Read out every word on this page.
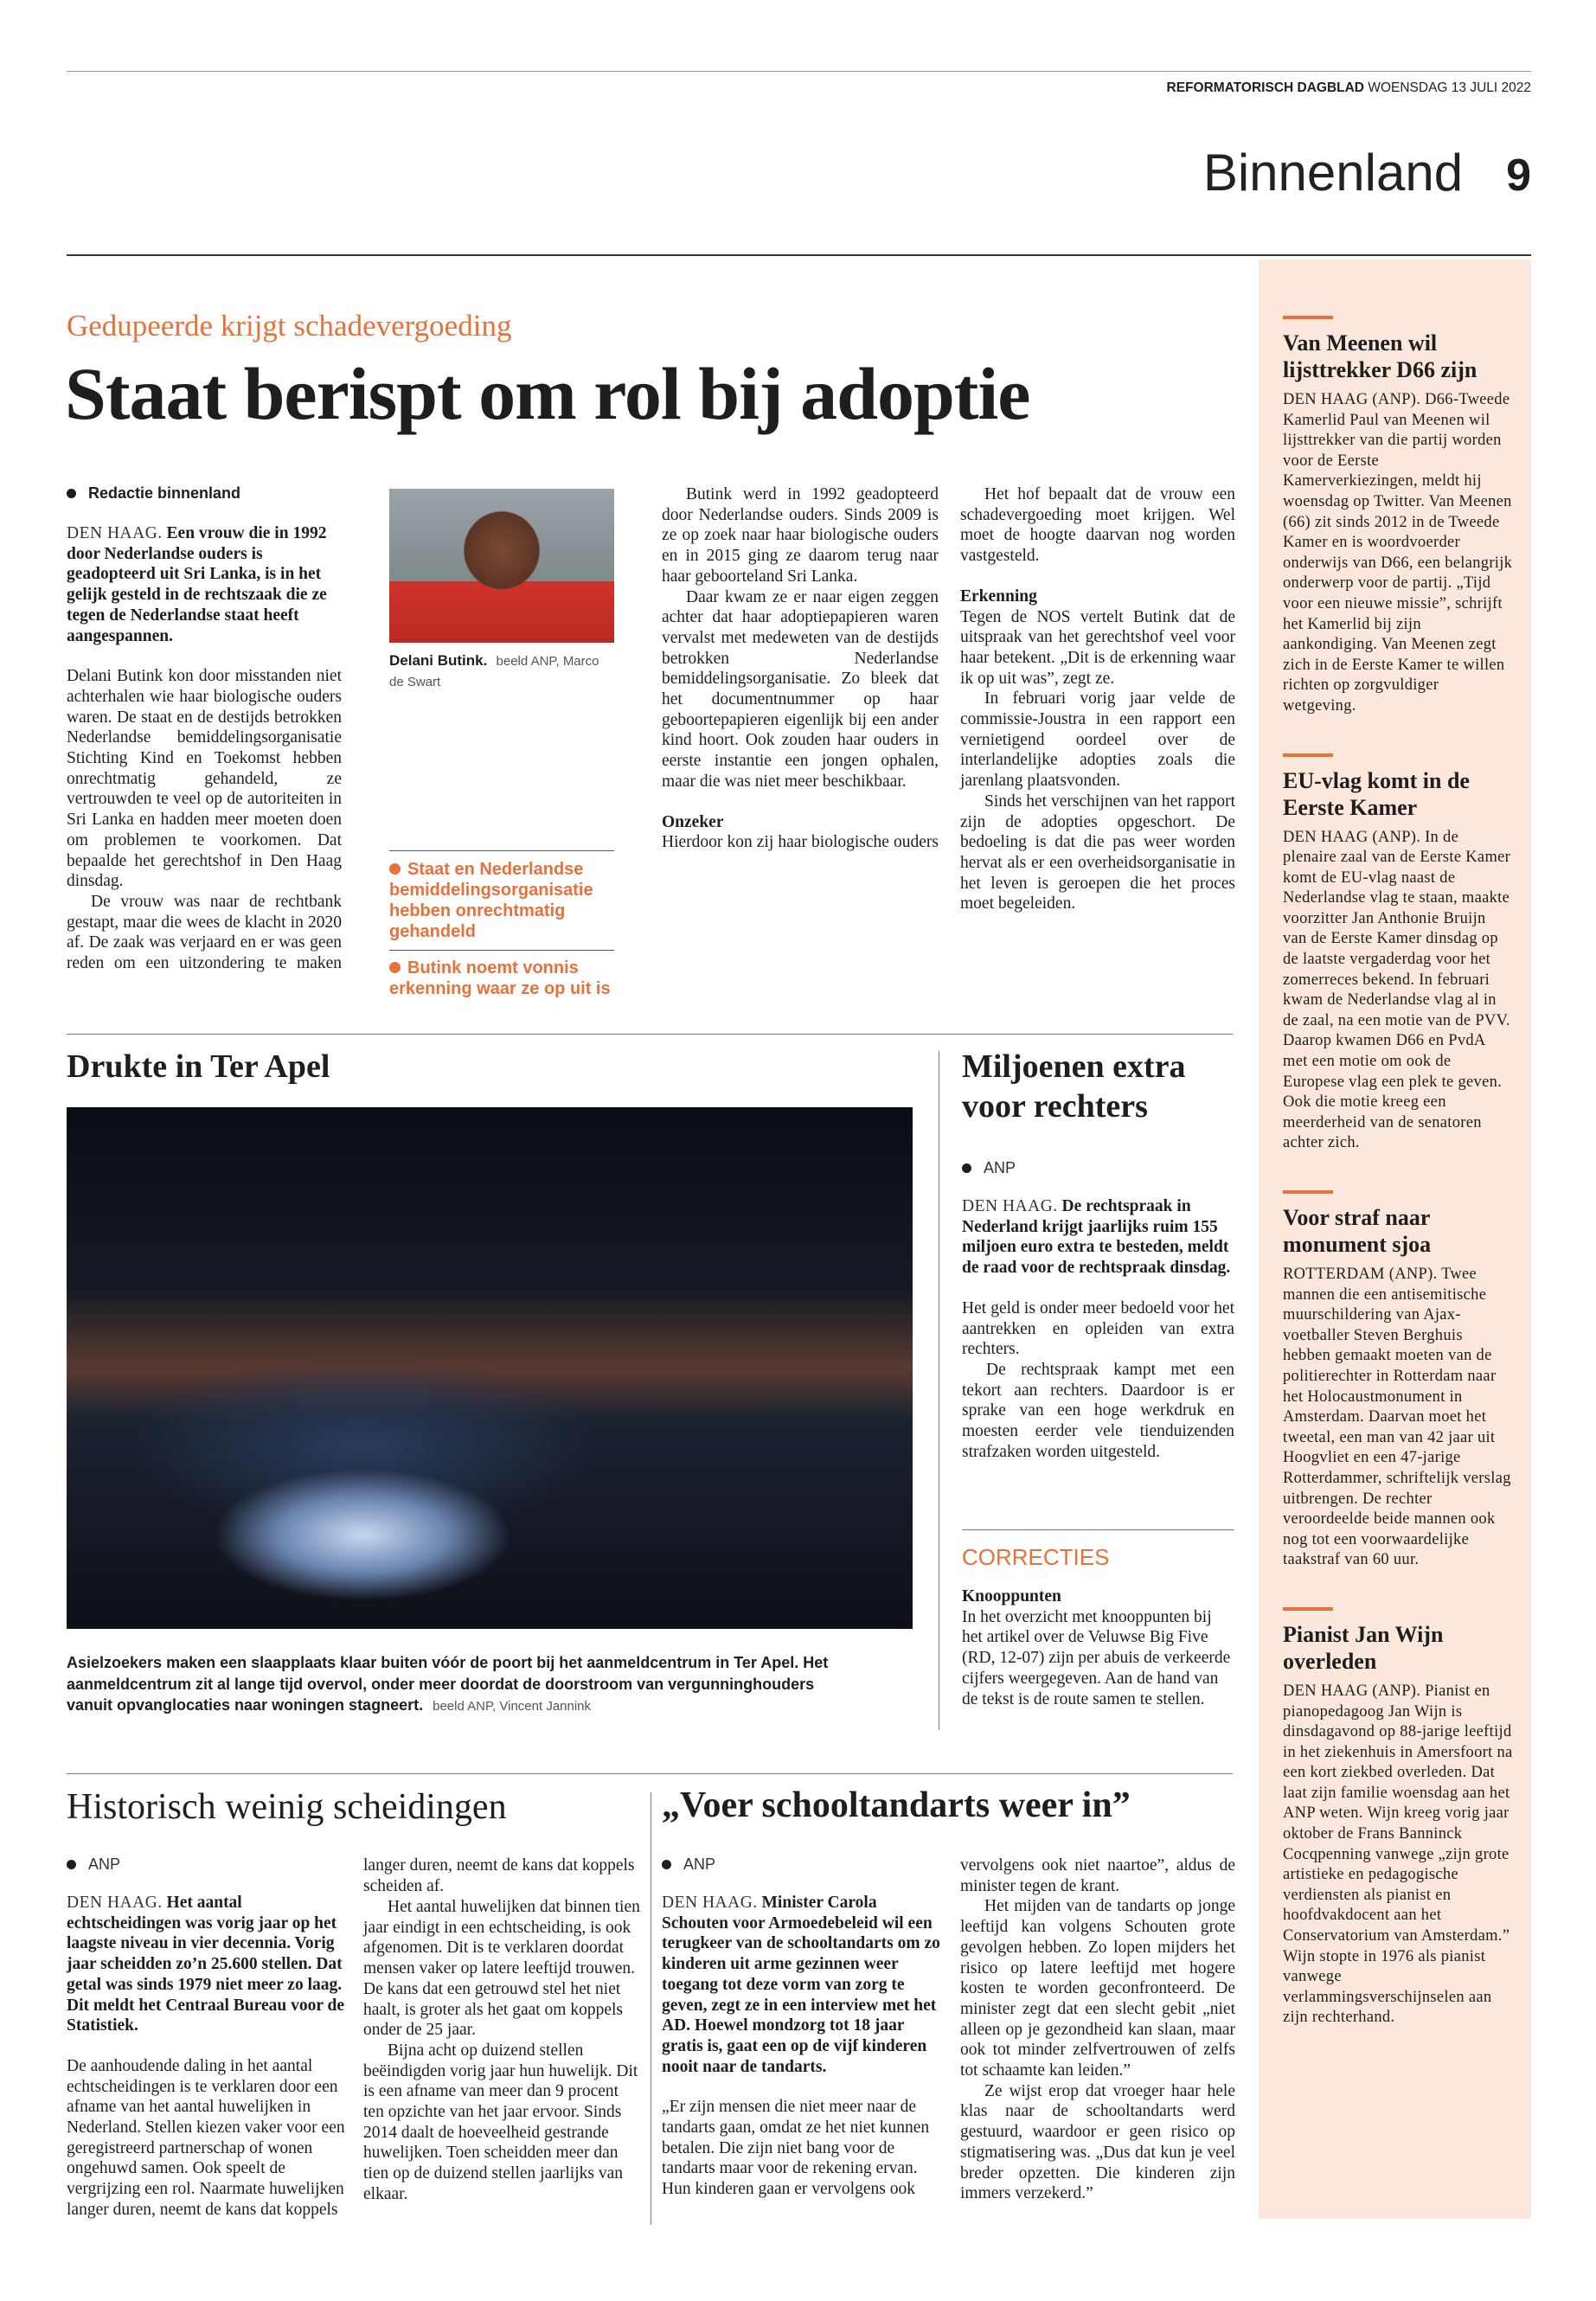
REFORMATORISCH DAGBLAD WOENSDAG 13 JULI 2022
Binnenland 9
Gedupeerde krijgt schadevergoeding
Staat berispt om rol bij adoptie
Redactie binnenland

DEN HAAG. Een vrouw die in 1992 door Nederlandse ouders is geadopteerd uit Sri Lanka, is in het gelijk gesteld in de rechtszaak die ze tegen de Nederlandse staat heeft aangespannen.

Delani Butink kon door misstanden niet achterhalen wie haar biologische ouders waren. De staat en de destijds betrokken Nederlandse bemiddelingsorganisatie Stichting Kind en Toekomst hebben onrechtmatig gehandeld, ze vertrouwden te veel op de autoriteiten in Sri Lanka en hadden meer moeten doen om problemen te voorkomen. Dat bepaalde het gerechtshof in Den Haag dinsdag.

De vrouw was naar de rechtbank gestapt, maar die wees de klacht in 2020 af. De zaak was verjaard en er was geen reden om een uitzondering te maken

Delani Butink. beeld ANP, Marco de Swart
Staat en Nederlandse bemiddelingsorganisatie hebben onrechtmatig gehandeld
Butink noemt vonnis erkenning waar ze op uit is

Butink werd in 1992 geadopteerd door Nederlandse ouders. Sinds 2009 is ze op zoek naar haar biologische ouders en in 2015 ging ze daarom terug naar haar geboorteland Sri Lanka.

Daar kwam ze er naar eigen zeggen achter dat haar adoptiepapieren waren vervalst met medeweten van de destijds betrokken Nederlandse bemiddelingsorganisatie. Zo bleek dat het documentnummer op haar geboortepapieren eigenlijk bij een ander kind hoort. Ook zouden haar ouders in eerste instantie een jongen ophalen, maar die was niet meer beschikbaar.

Onzeker

Hierdoor kon zij haar biologische ouders

Het hof bepaalt dat de vrouw een schadevergoeding moet krijgen. Wel moet de hoogte daarvan nog worden vastgesteld.

Erkenning

Tegen de NOS vertelt Butink dat de uitspraak van het gerechtshof veel voor haar betekent. „Dit is de erkenning waar ik op uit was”, zegt ze.

In februari vorig jaar velde de commissie-Joustra in een rapport een vernietigend oordeel over de interlandelijke adopties zoals die jarenlang plaatsvonden.

Sinds het verschijnen van het rapport zijn de adopties opgeschort. De bedoeling is dat die pas weer worden hervat als er een overheidsorganisatie in het leven is geroepen die het proces moet begeleiden.

Drukte in Ter Apel
Asielzoekers maken een slaapplaats klaar buiten vóór de poort bij het aanmeldcentrum in Ter Apel. Het aanmeldcentrum zit al lange tijd overvol, onder meer doordat de doorstroom van vergunninghouders vanuit opvanglocaties naar woningen stagneert. beeld ANP, Vincent Jannink
Miljoenen extra voor rechters
ANP

DEN HAAG. De rechtspraak in Nederland krijgt jaarlijks ruim 155 miljoen euro extra te besteden, meldt de raad voor de rechtspraak dinsdag.

Het geld is onder meer bedoeld voor het aantrekken en opleiden van extra rechters.

De rechtspraak kampt met een tekort aan rechters. Daardoor is er sprake van een hoge werkdruk en moesten eerder vele tienduizenden strafzaken worden uitgesteld.

CORRECTIES

Knooppunten

In het overzicht met knooppunten bij het artikel over de Veluwse Big Five (RD, 12-07) zijn per abuis de verkeerde cijfers weergegeven. Aan de hand van de tekst is de route samen te stellen.

Historisch weinig scheidingen
ANP

DEN HAAG. Het aantal echtscheidingen was vorig jaar op het laagste niveau in vier decennia. Vorig jaar scheidden zo’n 25.600 stellen. Dat getal was sinds 1979 niet meer zo laag. Dit meldt het Centraal Bureau voor de Statistiek.

De aanhoudende daling in het aantal echtscheidingen is te verklaren door een afname van het aantal huwelijken in Nederland. Stellen kiezen vaker voor een geregistreerd partnerschap of wonen ongehuwd samen. Ook speelt de vergrijzing een rol. Naarmate huwelijken langer duren, neemt de kans dat koppels

langer duren, neemt de kans dat koppels scheiden af.

Het aantal huwelijken dat binnen tien jaar eindigt in een echtscheiding, is ook afgenomen. Dit is te verklaren doordat mensen vaker op latere leeftijd trouwen. De kans dat een getrouwd stel het niet haalt, is groter als het gaat om koppels onder de 25 jaar.

Bijna acht op duizend stellen beëindigden vorig jaar hun huwelijk. Dit is een afname van meer dan 9 procent ten opzichte van het jaar ervoor. Sinds 2014 daalt de hoeveelheid gestrande huwelijken. Toen scheidden meer dan tien op de duizend stellen jaarlijks van elkaar.

„Voer schooltandarts weer in”
ANP

DEN HAAG. Minister Carola Schouten voor Armoedebeleid wil een terugkeer van de schooltandarts om zo kinderen uit arme gezinnen weer toegang tot deze vorm van zorg te geven, zegt ze in een interview met het AD. Hoewel mondzorg tot 18 jaar gratis is, gaat een op de vijf kinderen nooit naar de tandarts.

„Er zijn mensen die niet meer naar de tandarts gaan, omdat ze het niet kunnen betalen. Die zijn niet bang voor de tandarts maar voor de rekening ervan. Hun kinderen gaan er vervolgens ook

vervolgens ook niet naartoe”, aldus de minister tegen de krant.

Het mijden van de tandarts op jonge leeftijd kan volgens Schouten grote gevolgen hebben. Zo lopen mijders het risico op latere leeftijd met hogere kosten te worden geconfronteerd. De minister zegt dat een slecht gebit „niet alleen op je gezondheid kan slaan, maar ook tot minder zelfvertrouwen of zelfs tot schaamte kan leiden.”

Ze wijst erop dat vroeger haar hele klas naar de schooltandarts werd gestuurd, waardoor er geen risico op stigmatisering was. „Dus dat kun je veel breder opzetten. Die kinderen zijn immers verzekerd.”

Van Meenen wil lijsttrekker D66 zijn
DEN HAAG (ANP). D66-Tweede Kamerlid Paul van Meenen wil lijsttrekker van die partij worden voor de Eerste Kamerverkiezingen, meldt hij woensdag op Twitter. Van Meenen (66) zit sinds 2012 in de Tweede Kamer en is woordvoerder onderwijs van D66, een belangrijk onderwerp voor de partij. „Tijd voor een nieuwe missie”, schrijft het Kamerlid bij zijn aankondiging. Van Meenen zegt zich in de Eerste Kamer te willen richten op zorgvuldiger wetgeving.
EU-vlag komt in de Eerste Kamer
DEN HAAG (ANP). In de plenaire zaal van de Eerste Kamer komt de EU-vlag naast de Nederlandse vlag te staan, maakte voorzitter Jan Anthonie Bruijn van de Eerste Kamer dinsdag op de laatste vergaderdag voor het zomerreces bekend. In februari kwam de Nederlandse vlag al in de zaal, na een motie van de PVV. Daarop kwamen D66 en PvdA met een motie om ook de Europese vlag een plek te geven. Ook die motie kreeg een meerderheid van de senatoren achter zich.
Voor straf naar monument sjoa
ROTTERDAM (ANP). Twee mannen die een antisemitische muurschildering van Ajax-voetballer Steven Berghuis hebben gemaakt moeten van de politierechter in Rotterdam naar het Holocaustmonument in Amsterdam. Daarvan moet het tweetal, een man van 42 jaar uit Hoogvliet en een 47-jarige Rotterdammer, schriftelijk verslag uitbrengen. De rechter veroordeelde beide mannen ook nog tot een voorwaardelijke taakstraf van 60 uur.
Pianist Jan Wijn overleden
DEN HAAG (ANP). Pianist en pianopedagoog Jan Wijn is dinsdagavond op 88-jarige leeftijd in het ziekenhuis in Amersfoort na een kort ziekbed overleden. Dat laat zijn familie woensdag aan het ANP weten. Wijn kreeg vorig jaar oktober de Frans Banninck Cocqpenning vanwege „zijn grote artistieke en pedagogische verdiensten als pianist en hoofdvakdocent aan het Conservatorium van Amsterdam.” Wijn stopte in 1976 als pianist vanwege verlammingsverschijnselen aan zijn rechterhand.
